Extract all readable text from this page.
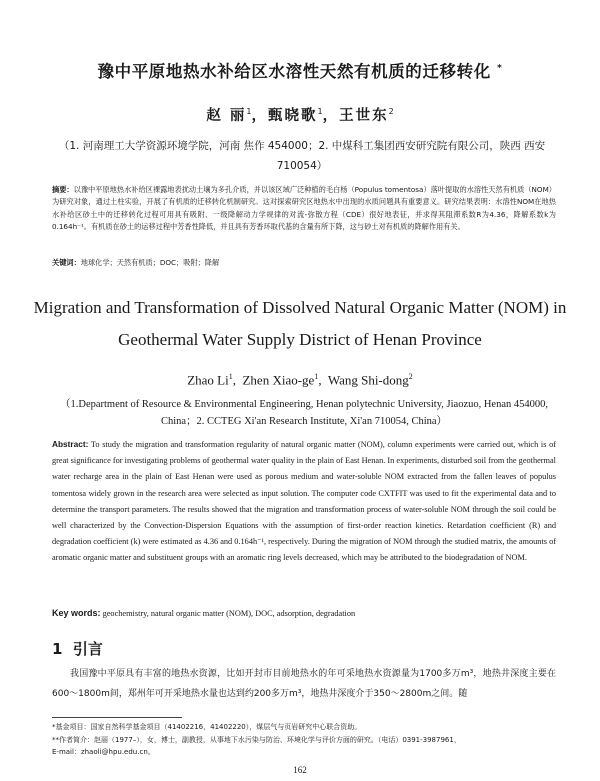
豫中平原地热水补给区水溶性天然有机质的迁移转化 *
赵 丽$^1$，甄晓歌$^1$，王世东$^2$
（1. 河南理工大学资源环境学院，河南 焦作 454000；2. 中煤科工集团西安研究院有限公司，陕西 西安 710054）
摘要：以豫中平原地热水补给区裸露地表扰动土壤为多孔介质，并以该区域广泛种植的毛白杨（Populus tomentosa）落叶提取的水溶性天然有机质（NOM）为研究对象，通过土柱实验，开展了有机质的迁移转化机制研究。这对探索研究区地热水中出现的水质问题具有重要意义。研究结果表明：水溶性NOM在地热水补给区砂土中的迁移转化过程可用具有吸附、一级降解动力学规律的对流-弥散方程（CDE）很好地表征，并求得其阻滞系数R为4.36，降解系数k为0.164h⁻¹。有机质在砂土的运移过程中芳香性降低，并且具有芳香环取代基的含量有所下降，这与砂土对有机质的降解作用有关。
关键词：地球化学；天然有机质；DOC；吸附；降解
Migration and Transformation of Dissolved Natural Organic Matter (NOM) in
Geothermal Water Supply District of Henan Province
Zhao Li$^1$,  Zhen Xiao-$ge^1$,  Wang Shi-dong$^2$
（1.Department of Resource & Environmental Engineering, Henan polytechnic University, Jiaozuo, Henan 454000, China；2. CCTEG Xi'an Research Institute, Xi'an 710054, China）
Abstract: To study the migration and transformation regularity of natural organic matter (NOM), column experiments were carried out, which is of great significance for investigating problems of geothermal water quality in the plain of East Henan. In experiments, disturbed soil from the geothermal water recharge area in the plain of East Henan were used as porous medium and water-soluble NOM extracted from the fallen leaves of populus tomentosa widely grown in the research area were selected as input solution. The computer code CXTFIT was used to fit the experimental data and to determine the transport parameters. The results showed that the migration and transformation process of water-soluble NOM through the soil could be well characterized by the Convection-Dispersion Equations with the assumption of first-order reaction kinetics. Retardation coefficient (R) and degradation coefficient (k) were estimated as 4.36 and 0.164h⁻¹, respectively. During the migration of NOM through the studied matrix, the amounts of aromatic organic matter and substituent groups with an aromatic ring levels decreased, which may be attributed to the biodegradation of NOM.
Key words: geochemistry, natural organic matter (NOM), DOC, adsorption, degradation
1 引言
我国豫中平原具有丰富的地热水资源，比如开封市目前地热水的年可采地热水资源量为1700多万m³，地热井深度主要在600～1800m间，郑州年可开采地热水量也达到约200多万m³，地热井深度介于350～2800m之间。随
*基金项目：国家自然科学基金项目（41402216，41402220），煤层气与页岩研究中心联合资助。
**作者简介：赵丽（1977–），女，博士，副教授，从事地下水污染与防治、环境化学与评价方面的研究。（电话）0391-3987961，
E-mail：zhaoli@hpu.edu.cn。
162
